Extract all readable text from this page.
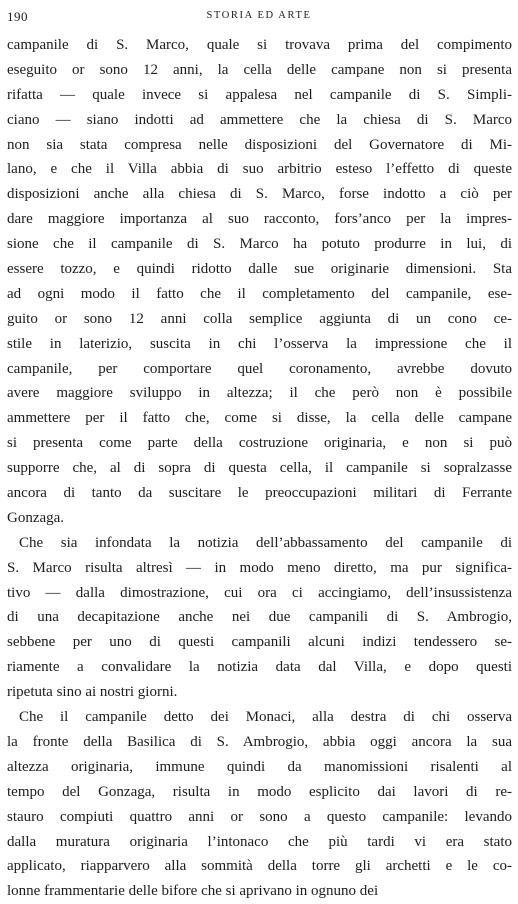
190	STORIA ED ARTE
campanile di S. Marco, quale si trovava prima del compimento
eseguito or sono 12 anni, la cella delle campane non si presenta
rifatta — quale invece si appalesa nel campanile di S. Simpli-
ciano — siano indotti ad ammettere che la chiesa di S. Marco
non sia stata compresa nelle disposizioni del Governatore di Mi-
lano, e che il Villa abbia di suo arbitrio esteso l’effetto di queste
disposizioni anche alla chiesa di S. Marco, forse indotto a ciò per
dare maggiore importanza al suo racconto, fors’anco per la impres-
sione che il campanile di S. Marco ha potuto produrre in lui, di
essere tozzo, e quindi ridotto dalle sue originarie dimensioni. Sta
ad ogni modo il fatto che il completamento del campanile, ese-
guito or sono 12 anni colla semplice aggiunta di un cono ce-
stile in laterizio, suscita in chi l’osserva la impressione che il
campanile, per comportare quel coronamento, avrebbe dovuto
avere maggiore sviluppo in altezza; il che però non è possibile
ammettere per il fatto che, come si disse, la cella delle campane
si presenta come parte della costruzione originaria, e non si può
supporre che, al di sopra di questa cella, il campanile si sopralzasse
ancora di tanto da suscitare le preoccupazioni militari di Ferrante
Gonzaga.
Che sia infondata la notizia dell’abbassamento del campanile di
S. Marco risulta altresì — in modo meno diretto, ma pur significa-
tivo — dalla dimostrazione, cui ora ci accingiamo, dell’insussistenza
di una decapitazione anche nei due campanili di S. Ambrogio,
sebbene per uno di questi campanili alcuni indizi tendessero se-
riamente a convalidare la notizia data dal Villa, e dopo questi
ripetuta sino ai nostri giorni.
Che il campanile detto dei Monaci, alla destra di chi osserva
la fronte della Basilica di S. Ambrogio, abbia oggi ancora la sua
altezza originaria, immune quindi da manomissioni risalenti al
tempo del Gonzaga, risulta in modo esplicito dai lavori di re-
stauro compiuti quattro anni or sono a questo campanile: levando
dalla muratura originaria l’intonaco che più tardi vi era stato
applicato, riapparvero alla sommità della torre gli archetti e le co-
lonne frammentarie delle bifore che si aprivano in ognuno dei
